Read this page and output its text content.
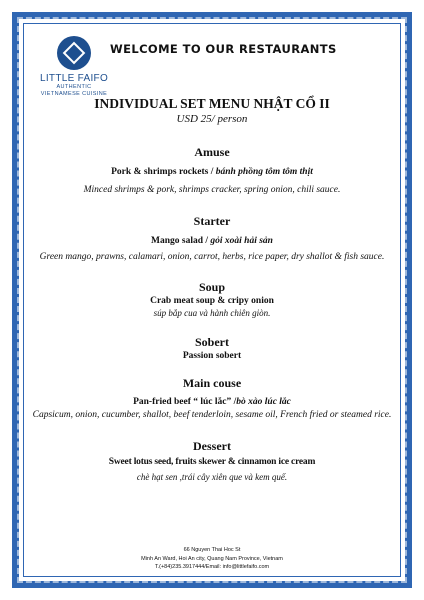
LITTLE FAIFO
AUTHENTIC
VIETNAMESE CUISINE
WELCOME TO OUR RESTAURANTS
INDIVIDUAL SET MENU NHẬT CỔ II
USD 25/ person
Amuse
Pork & shrimps rockets / bánh phồng tôm tôm thịt
Minced shrimps & pork, shrimps cracker, spring onion, chili sauce.
Starter
Mango salad / gỏi xoài hải sản
Green mango, prawns, calamari, onion, carrot, herbs, rice paper, dry shallot & fish sauce.
Soup
Crab meat soup & cripy onion
súp bắp cua và hành chiên giòn.
Sobert
Passion sobert
Main couse
Pan-fried beef “ lúc lắc” /bò xào lúc lắc
Capsicum, onion, cucumber, shallot, beef tenderloin, sesame oil, French fried or steamed rice.
Dessert
Sweet lotus seed, fruits skewer & cinnamon ice cream
chè hạt sen ,trái cây xiên que và kem quế.
66 Nguyen Thai Hoc St
Minh An Ward, Hoi An city, Quang Nam Province, Vietnam
T.(+84)235.3917444/Email: info@littlefaifo.com
